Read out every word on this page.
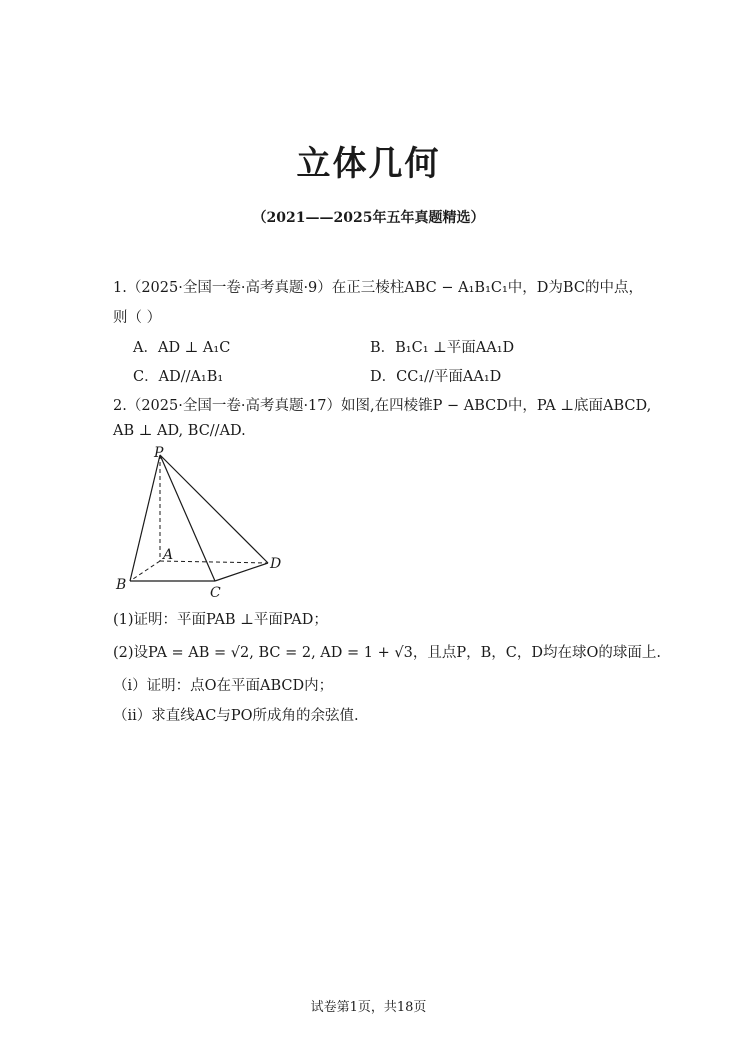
立体几何
（2021——2025年五年真题精选）
1.（2025·全国一卷·高考真题·9）在正三棱柱ABC − A₁B₁C₁中，D为BC的中点，
则（ ）
A．AD ⊥ A₁C	B．B₁C₁ ⊥平面AA₁D
C．AD//A₁B₁	D．CC₁//平面AA₁D
2.（2025·全国一卷·高考真题·17）如图,在四棱锥P − ABCD中，PA ⊥底面ABCD,
AB ⊥ AD, BC//AD.
P
A
B	C
D
(1)证明：平面PAB ⊥平面PAD；
(2)设PA = AB = √2, BC = 2, AD = 1 + √3，且点P，B，C，D均在球O的球面上.
（i）证明：点O在平面ABCD内；
（ii）求直线AC与PO所成角的余弦值.
试卷第1页，共18页
